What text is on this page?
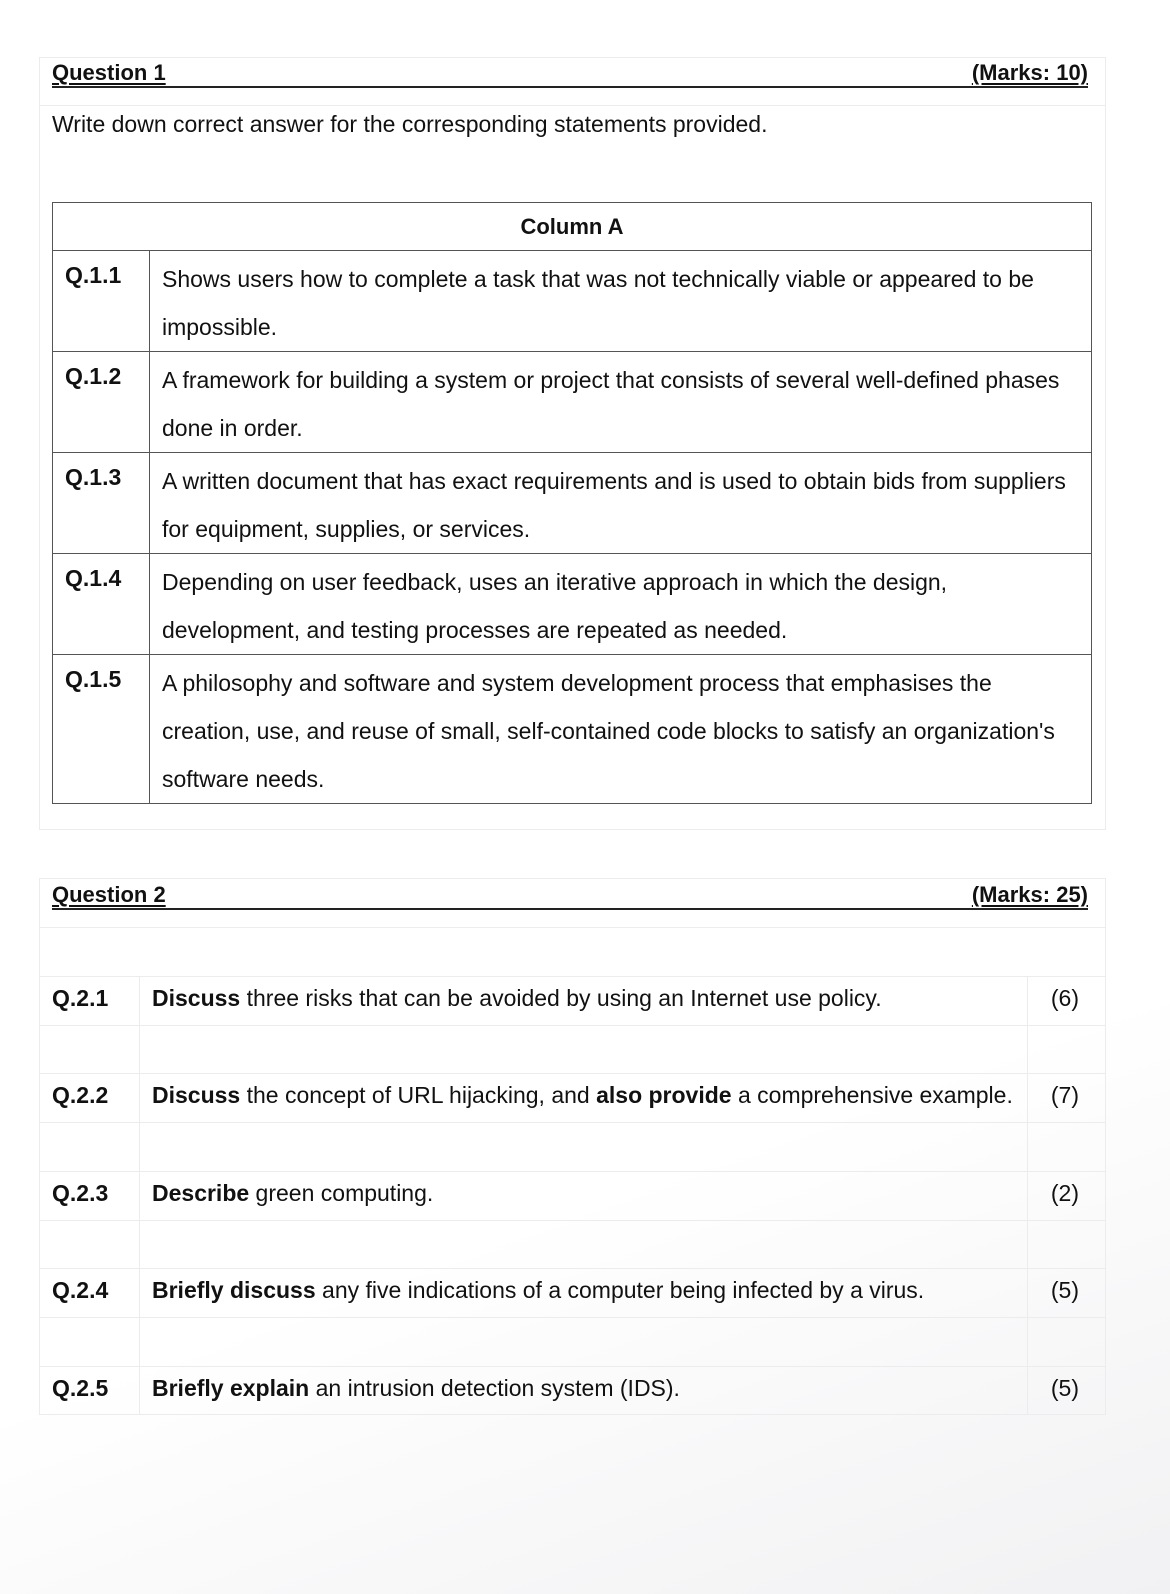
Question 1	(Marks: 10)
Write down correct answer for the corresponding statements provided.
Column A	
Q.1.1	Shows users how to complete a task that was not technically viable or appeared to be impossible.
Q.1.2	A framework for building a system or project that consists of several well-defined phases done in order.
Q.1.3	A written document that has exact requirements and is used to obtain bids from suppliers for equipment, supplies, or services.
Q.1.4	Depending on user feedback, uses an iterative approach in which the design, development, and testing processes are repeated as needed.
Q.1.5	A philosophy and software and system development process that emphasises the creation, use, and reuse of small, self-contained code blocks to satisfy an organization's software needs.
Question 2	(Marks: 25)
Q.2.1 Discuss three risks that can be avoided by using an Internet use policy.	(6)
Q.2.2 Discuss the concept of URL hijacking, and also provide a comprehensive example. (7)
Q.2.3 Describe green computing.	(2)
Q.2.4 Briefly discuss any five indications of a computer being infected by a virus.	(5)
Q.2.5 Briefly explain an intrusion detection system (IDS).	(5)
